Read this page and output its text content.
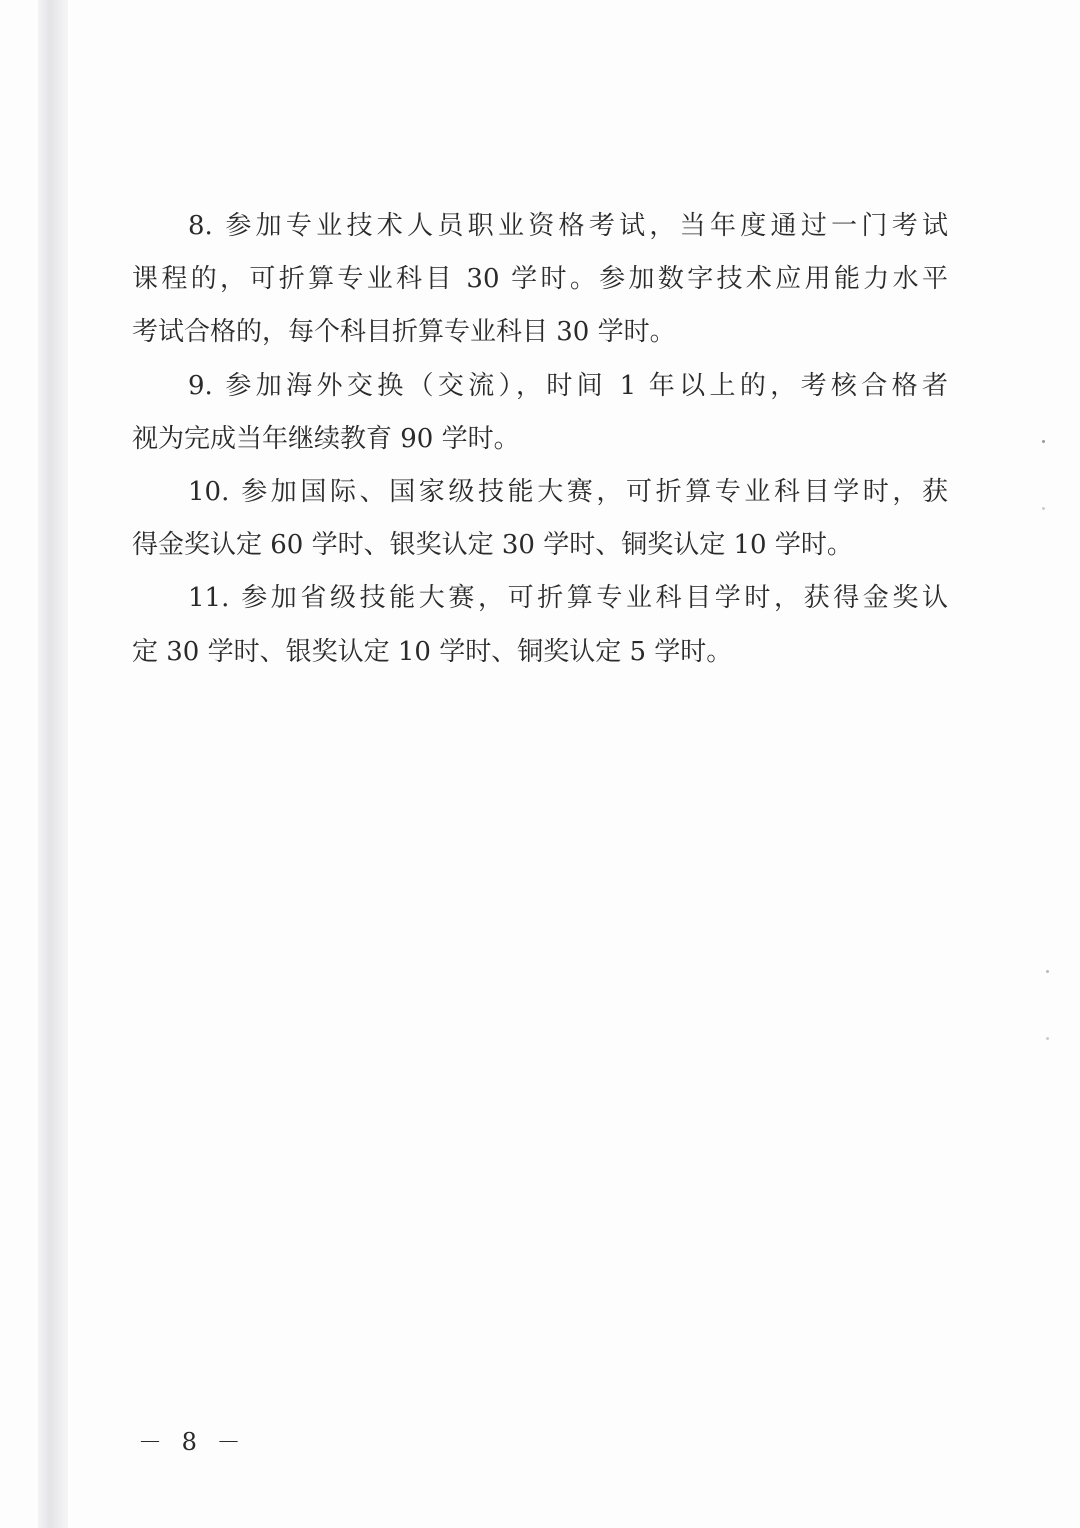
8. 参加专业技术人员职业资格考试，当年度通过一门考试
课程的，可折算专业科目 30 学时。参加数字技术应用能力水平
考试合格的，每个科目折算专业科目 30 学时。
9. 参加海外交换（交流），时间 1 年以上的，考核合格者
视为完成当年继续教育 90 学时。
10. 参加国际、国家级技能大赛，可折算专业科目学时，获
得金奖认定 60 学时、银奖认定 30 学时、铜奖认定 10 学时。
11. 参加省级技能大赛，可折算专业科目学时，获得金奖认
定 30 学时、银奖认定 10 学时、铜奖认定 5 学时。
－ 8 －
